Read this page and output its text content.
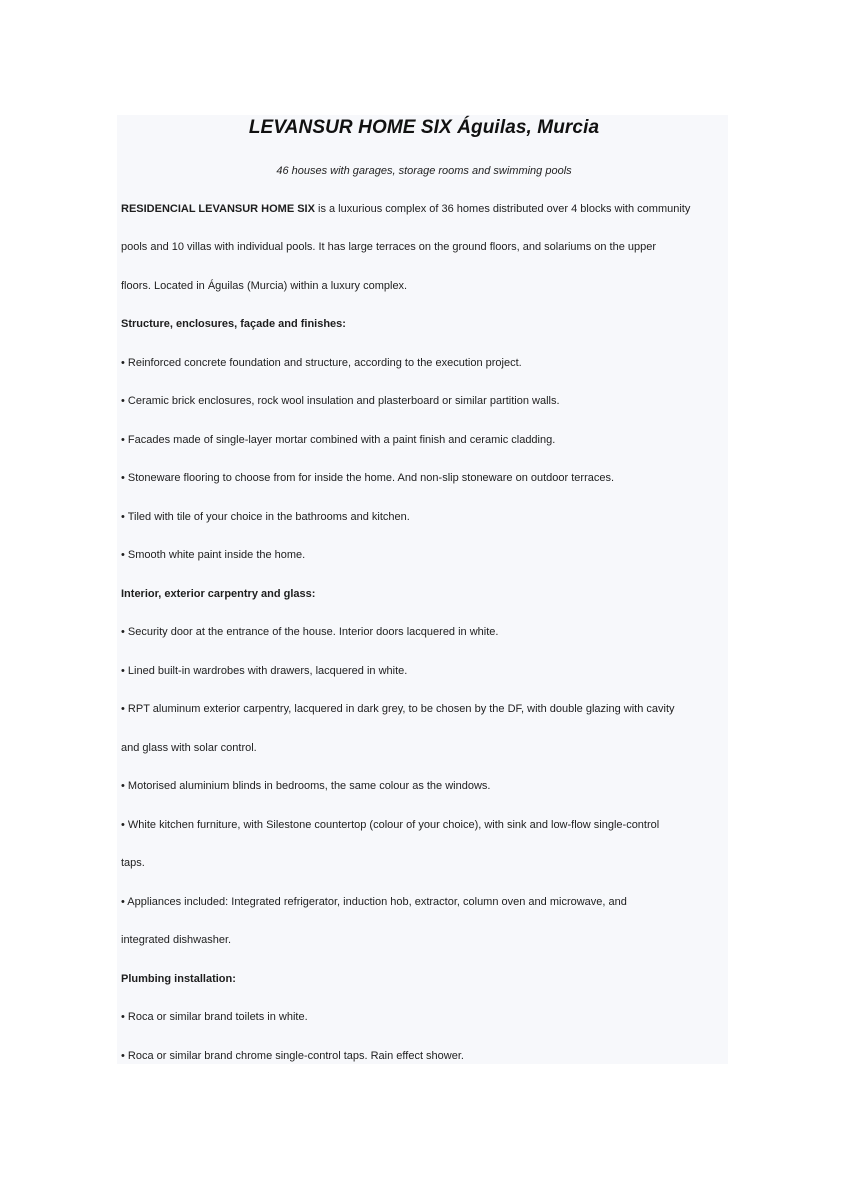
LEVANSUR HOME SIX Águilas, Murcia
46 houses with garages, storage rooms and swimming pools
RESIDENCIAL LEVANSUR HOME SIX is a luxurious complex of 36 homes distributed over 4 blocks with community
pools and 10 villas with individual pools. It has large terraces on the ground floors, and solariums on the upper
floors. Located in Águilas (Murcia) within a luxury complex.
Structure, enclosures, façade and finishes:
• Reinforced concrete foundation and structure, according to the execution project.
• Ceramic brick enclosures, rock wool insulation and plasterboard or similar partition walls.
• Facades made of single-layer mortar combined with a paint finish and ceramic cladding.
• Stoneware flooring to choose from for inside the home. And non-slip stoneware on outdoor terraces.
• Tiled with tile of your choice in the bathrooms and kitchen.
• Smooth white paint inside the home.
Interior, exterior carpentry and glass:
• Security door at the entrance of the house. Interior doors lacquered in white.
• Lined built-in wardrobes with drawers, lacquered in white.
• RPT aluminum exterior carpentry, lacquered in dark grey, to be chosen by the DF, with double glazing with cavity
and glass with solar control.
• Motorised aluminium blinds in bedrooms, the same colour as the windows.
• White kitchen furniture, with Silestone countertop (colour of your choice), with sink and low-flow single-control
taps.
• Appliances included: Integrated refrigerator, induction hob, extractor, column oven and microwave, and
integrated dishwasher.
Plumbing installation:
• Roca or similar brand toilets in white.
• Roca or similar brand chrome single-control taps. Rain effect shower.
